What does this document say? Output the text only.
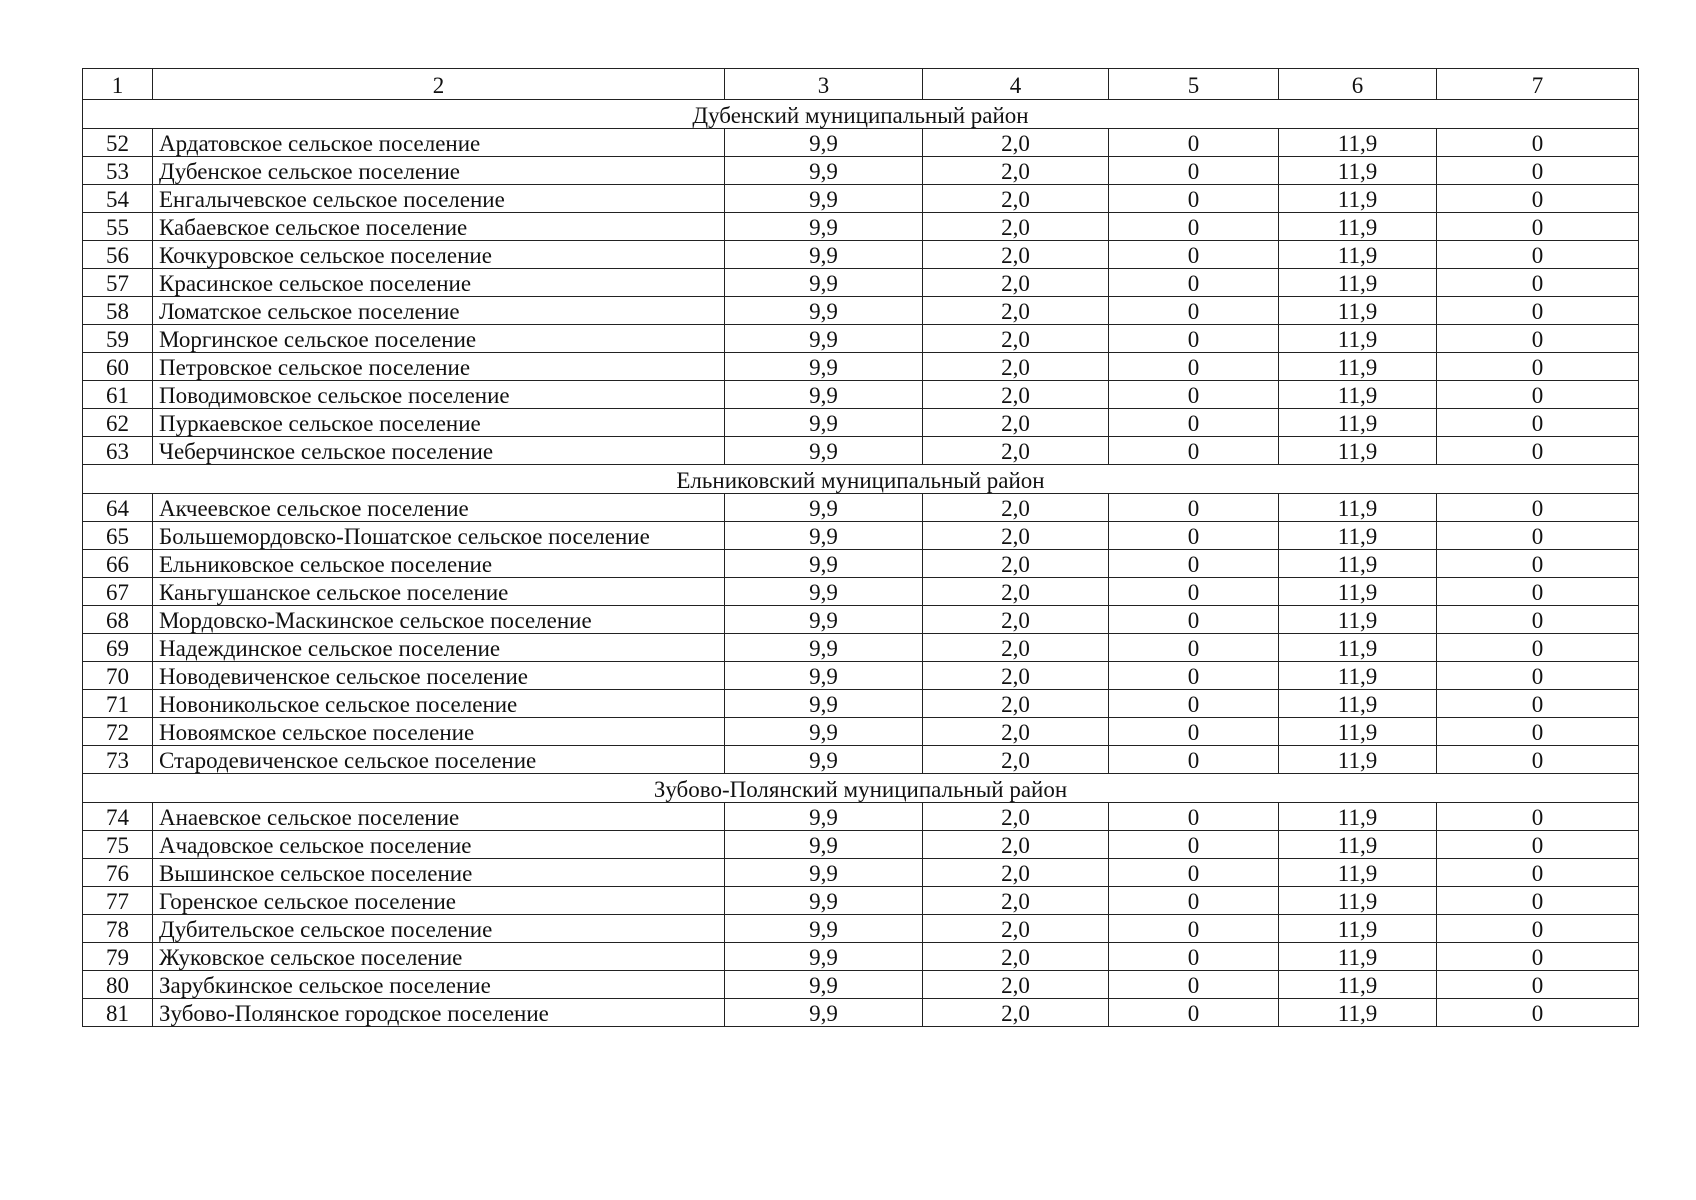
1	2	3	4	5	6	7
Дубенский муниципальный район						
52	Ардатовское сельское поселение	9,9	2,0	0	11,9	0
53	Дубенское сельское поселение	9,9	2,0	0	11,9	0
54	Енгалычевское сельское поселение	9,9	2,0	0	11,9	0
55	Кабаевское сельское поселение	9,9	2,0	0	11,9	0
56	Кочкуровское сельское поселение	9,9	2,0	0	11,9	0
57	Красинское сельское поселение	9,9	2,0	0	11,9	0
58	Ломатское сельское поселение	9,9	2,0	0	11,9	0
59	Моргинское сельское поселение	9,9	2,0	0	11,9	0
60	Петровское сельское поселение	9,9	2,0	0	11,9	0
61	Поводимовское сельское поселение	9,9	2,0	0	11,9	0
62	Пуркаевское сельское поселение	9,9	2,0	0	11,9	0
63	Чеберчинское сельское поселение	9,9	2,0	0	11,9	0
Ельниковский муниципальный район						
64	Акчеевское сельское поселение	9,9	2,0	0	11,9	0
65	Большемордовско-Пошатское сельское поселение	9,9	2,0	0	11,9	0
66	Ельниковское сельское поселение	9,9	2,0	0	11,9	0
67	Каньгушанское сельское поселение	9,9	2,0	0	11,9	0
68	Мордовско-Маскинское сельское поселение	9,9	2,0	0	11,9	0
69	Надеждинское сельское поселение	9,9	2,0	0	11,9	0
70	Новодевиченское сельское поселение	9,9	2,0	0	11,9	0
71	Новоникольское сельское поселение	9,9	2,0	0	11,9	0
72	Новоямское сельское поселение	9,9	2,0	0	11,9	0
73	Стародевиченское сельское поселение	9,9	2,0	0	11,9	0
Зубово-Полянский муниципальный район						
74	Анаевское сельское поселение	9,9	2,0	0	11,9	0
75	Ачадовское сельское поселение	9,9	2,0	0	11,9	0
76	Вышинское сельское поселение	9,9	2,0	0	11,9	0
77	Горенское сельское поселение	9,9	2,0	0	11,9	0
78	Дубительское сельское поселение	9,9	2,0	0	11,9	0
79	Жуковское сельское поселение	9,9	2,0	0	11,9	0
80	Зарубкинское сельское поселение	9,9	2,0	0	11,9	0
81	Зубово-Полянское городское поселение	9,9	2,0	0	11,9	0
